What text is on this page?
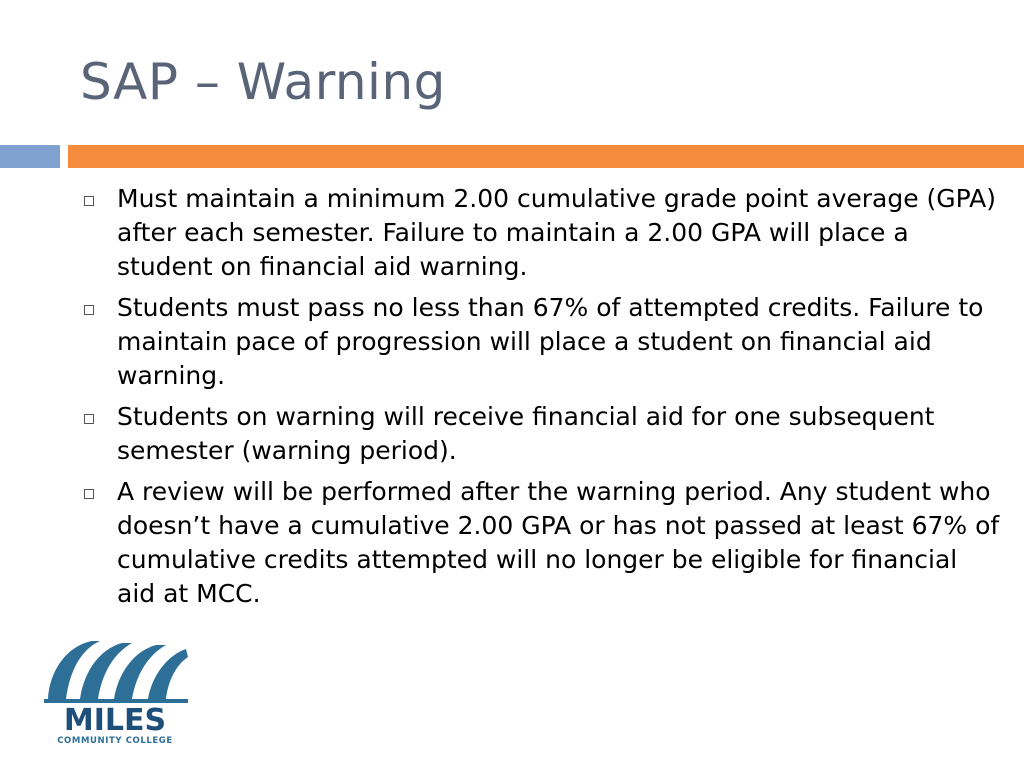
SAP – Warning
Must maintain a minimum 2.00 cumulative grade point average (GPA) after each semester. Failure to maintain a 2.00 GPA will place a student on financial aid warning.
Students must pass no less than 67% of attempted credits. Failure to maintain pace of progression will place a student on financial aid warning.
Students on warning will receive financial aid for one subsequent semester (warning period).
A review will be performed after the warning period. Any student who doesn’t have a cumulative 2.00 GPA or has not passed at least 67% of cumulative credits attempted will no longer be eligible for financial aid at MCC.
MILES
COMMUNITY COLLEGE
